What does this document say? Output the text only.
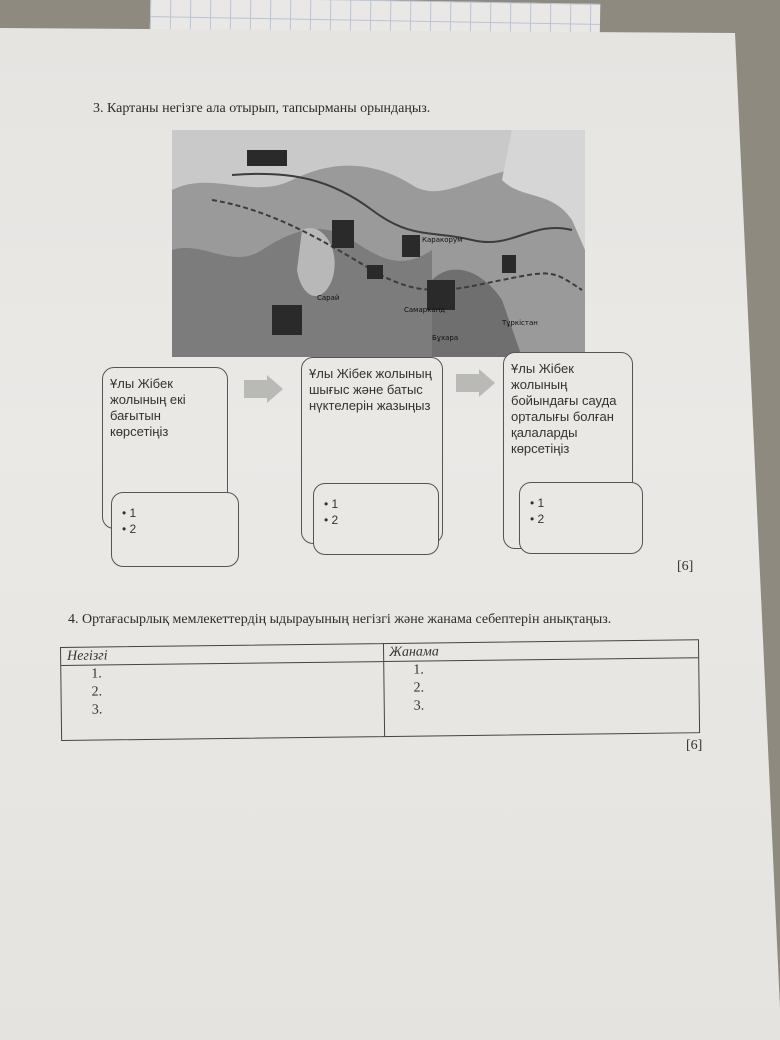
3. Картаны негізге ала отырып, тапсырманы орындаңыз.
Каракорум
Сарай
Самарканд
Бұхара
Тұркістан
Ұлы Жібек жолының екі бағытын көрсетіңіз
• 1
• 2
Ұлы Жібек жолының шығыс және батыс нүктелерін жазыңыз
• 1
• 2
Ұлы Жібек жолының бойындағы сауда орталығы болған қалаларды көрсетіңіз
• 1
• 2
[6]
4. Ортағасырлық мемлекеттердің ыдырауының негізгі және жанама себептерін анықтаңыз.
Негізгі
1.
2.
3.
Жанама
1.
2.
3.
[6]
